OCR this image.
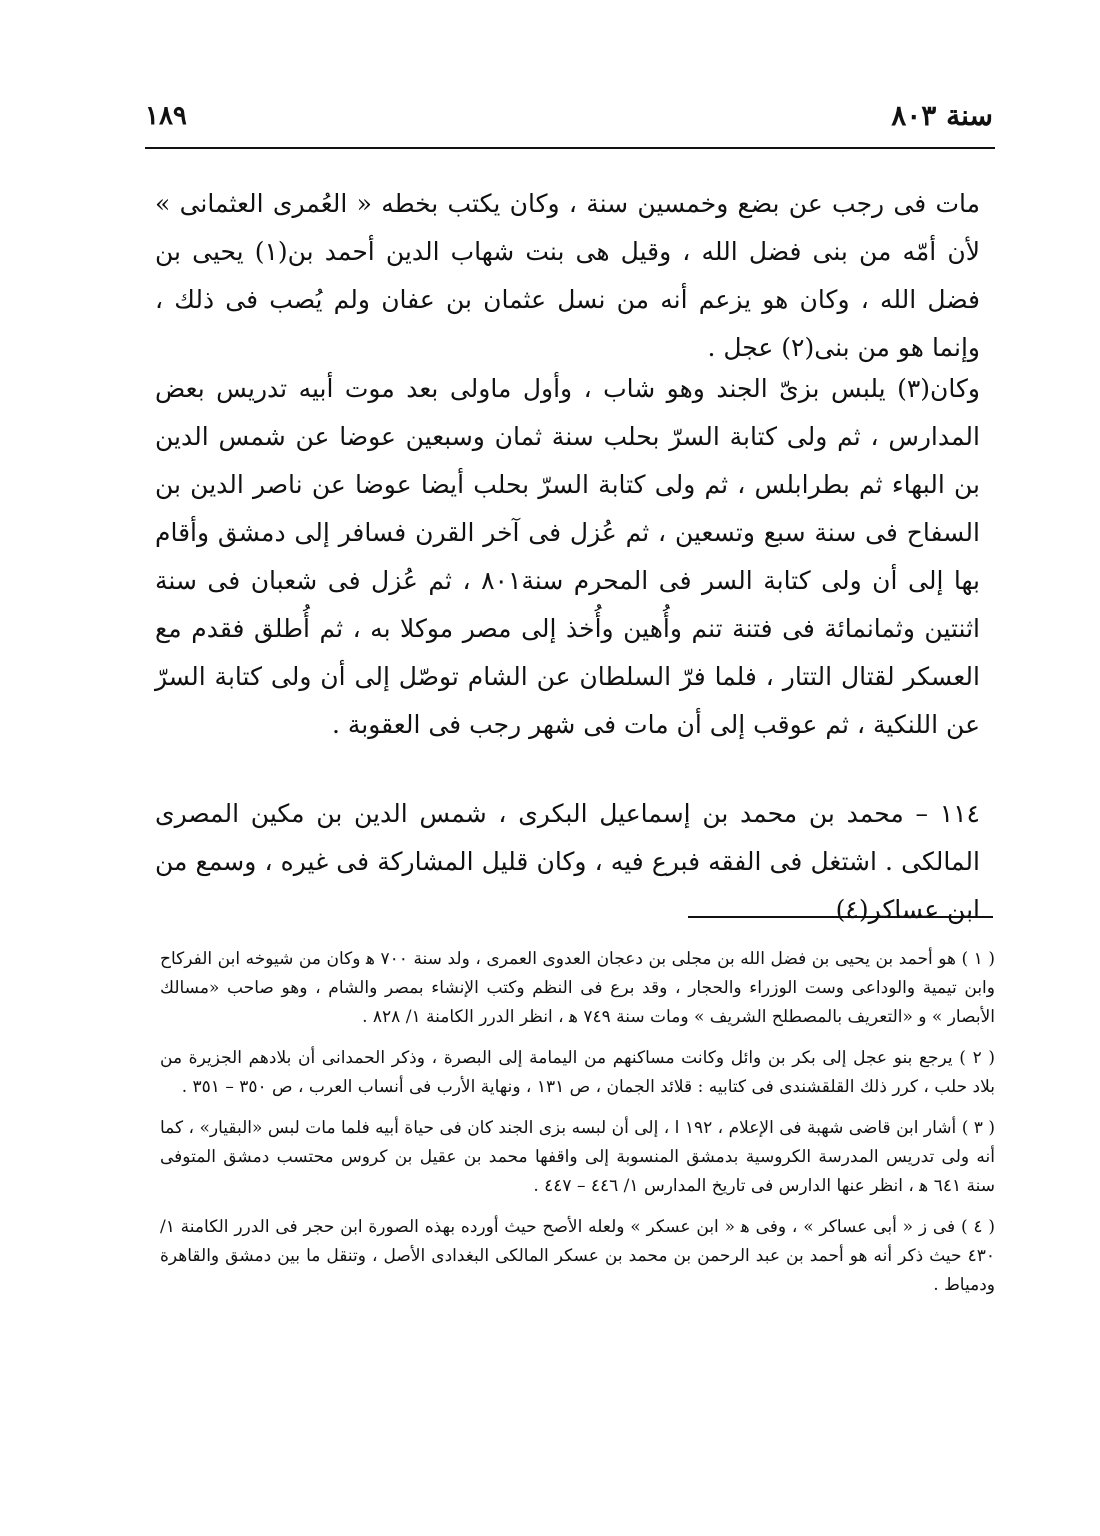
١٨٩	سنة ٨٠٣

مات فى رجب عن بضع وخمسين سنة ، وكان يكتب بخطه « العُمرى العثمانى » لأن أمّه من بنى فضل الله ، وقيل هى بنت شهاب الدين أحمد بن(١) يحيى بن فضل الله ، وكان هو يزعم أنه من نسل عثمان بن عفان ولم يُصب فى ذلك ، وإنما هو من بنى(٢) عجل .

وكان(٣) يلبس بزىّ الجند وهو شاب ، وأول ماولى بعد موت أبيه تدريس بعض المدارس ، ثم ولى كتابة السرّ بحلب سنة ثمان وسبعين عوضا عن شمس الدين بن البهاء ثم بطرابلس ، ثم ولى كتابة السرّ بحلب أيضا عوضا عن ناصر الدين بن السفاح فى سنة سبع وتسعين ، ثم عُزل فى آخر القرن فسافر إلى دمشق وأقام بها إلى أن ولى كتابة السر فى المحرم سنة٨٠١ ، ثم عُزل فى شعبان فى سنة اثنتين وثمانمائة فى فتنة تنم وأُهين وأُخذ إلى مصر موكلا به ، ثم أُطلق فقدم مع العسكر لقتال التتار ، فلما فرّ السلطان عن الشام توصّل إلى أن ولى كتابة السرّ عن اللنكية ، ثم عوقب إلى أن مات فى شهر رجب فى العقوبة .

١١٤ – محمد بن محمد بن إسماعيل البكرى ، شمس الدين بن مكين المصرى المالكى . اشتغل فى الفقه فبرع فيه ، وكان قليل المشاركة فى غيره ، وسمع من ابن عساكر(٤)

( ١ ) هو أحمد بن يحيى بن فضل الله بن مجلى بن دعجان العدوى العمرى ، ولد سنة ٧٠٠ ﻫ وكان من شيوخه ابن الفركاح وابن تيمية والوداعى وست الوزراء والحجار ، وقد برع فى النظم وكتب الإنشاء بمصر والشام ، وهو صاحب «مسالك الأبصار » و «التعريف بالمصطلح الشريف » ومات سنة ٧٤٩ ﻫ ، انظر الدرر الكامنة ١/ ٨٢٨ .

( ٢ ) يرجع بنو عجل إلى بكر بن وائل وكانت مساكنهم من اليمامة إلى البصرة ، وذكر الحمدانى أن بلادهم الجزيرة من بلاد حلب ، كرر ذلك القلقشندى فى كتابيه : قلائد الجمان ، ص ١٣١ ، ونهاية الأرب فى أنساب العرب ، ص ٣٥٠ – ٣٥١ .

( ٣ ) أشار ابن قاضى شهبة فى الإعلام ، ١٩٢ ا ، إلى أن لبسه بزى الجند كان فى حياة أبيه فلما مات لبس «البقيار» ، كما أنه ولى تدريس المدرسة الكروسية بدمشق المنسوبة إلى واقفها محمد بن عقيل بن كروس محتسب دمشق المتوفى سنة ٦٤١ ﻫ ، انظر عنها الدارس فى تاريخ المدارس ١/ ٤٤٦ – ٤٤٧ .

( ٤ ) فى ز « أبى عساكر » ، وفى ﻫ « ابن عسكر » ولعله الأصح حيث أورده بهذه الصورة ابن حجر فى الدرر الكامنة ١/ ٤٣٠ حيث ذكر أنه هو أحمد بن عبد الرحمن بن محمد بن عسكر المالكى البغدادى الأصل ، وتنقل ما بين دمشق والقاهرة ودمياط .
